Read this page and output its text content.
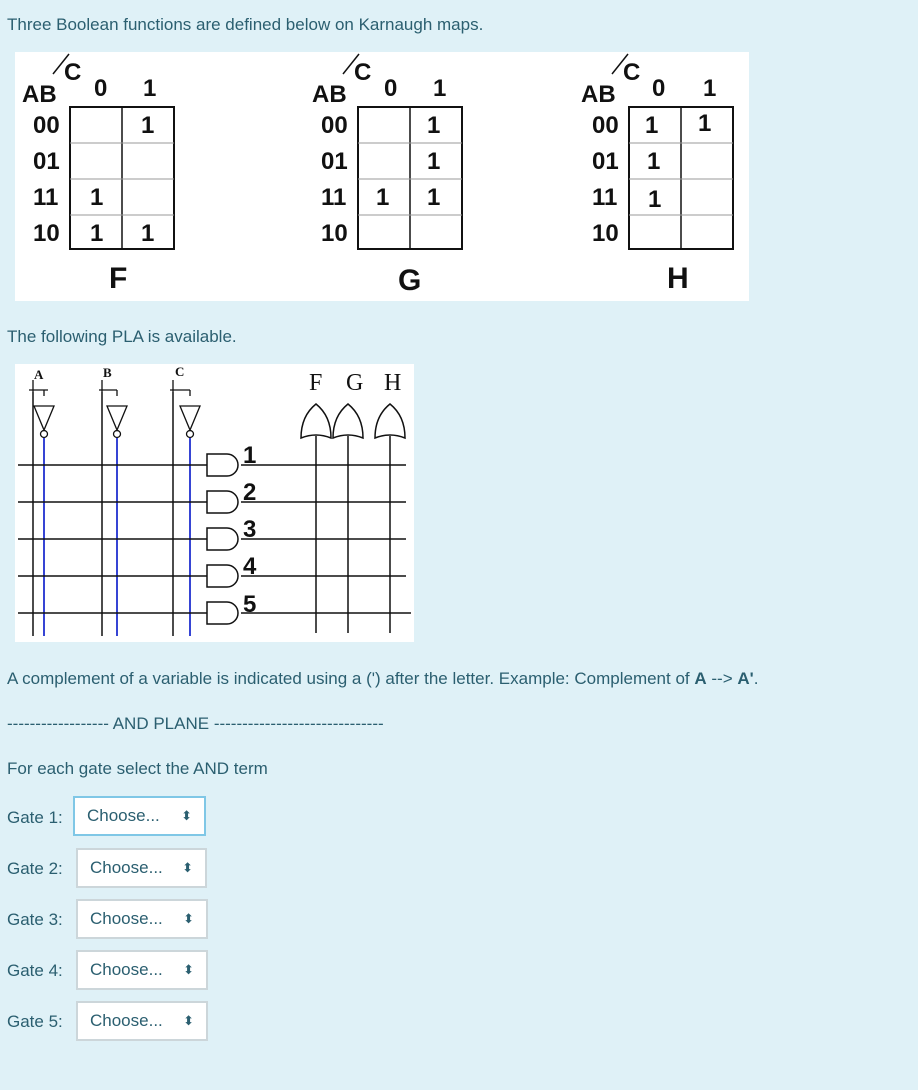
Three Boolean functions are defined below on Karnaugh maps.
AB
C
0 1
00
01
11
10
1
1
1 1
F
AB
C
0 1
00
01
11
10
1
1
1 1
G
AB
C
0 1
00
01
11
10
1 1
1
1
H
The following PLA is available.
A	B	C
1
2
3
4
5
F G H
A complement of a variable is indicated using a (') after the letter. Example: Complement of A --> A'.
------------------ AND PLANE ------------------------------
For each gate select the AND term
Gate 1: Choose... ⬍
Gate 2: Choose... ⬍
Gate 3: Choose... ⬍
Gate 4: Choose... ⬍
Gate 5: Choose... ⬍
